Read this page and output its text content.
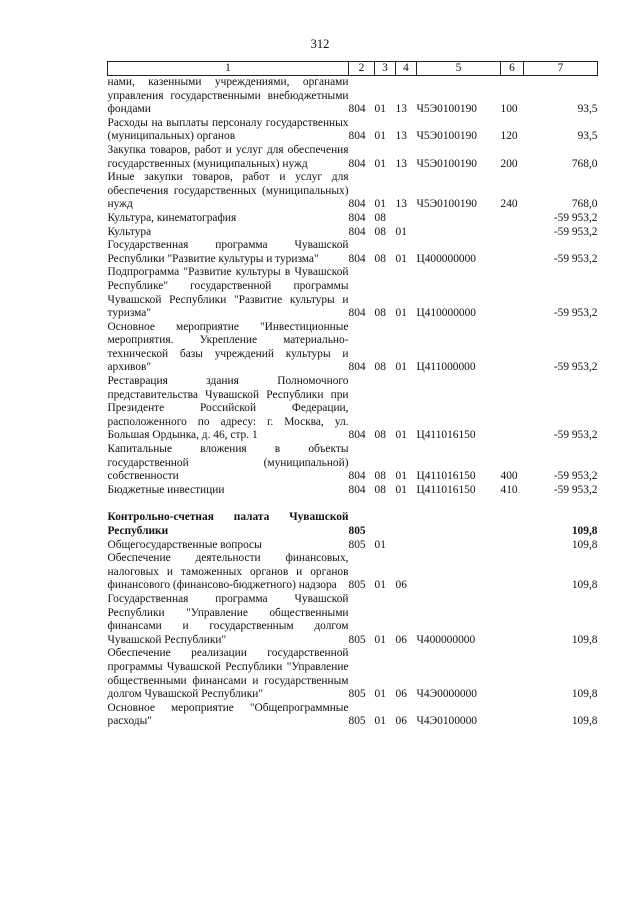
312
1	2	3	4	5	6	7
нами, казенными учреждениями, органами управления государственными внебюджетными фондами	804	01	13	Ч5Э0100190	100	93,5
Расходы на выплаты персоналу государственных (муниципальных) органов	804	01	13	Ч5Э0100190	120	93,5
Закупка товаров, работ и услуг для обеспечения государственных (муниципальных) нужд	804	01	13	Ч5Э0100190	200	768,0
Иные закупки товаров, работ и услуг для обеспечения государственных (муниципальных) нужд	804	01	13	Ч5Э0100190	240	768,0
Культура, кинематография	804	08				-59 953,2
Культура	804	08	01			-59 953,2
Государственная программа Чувашской Республики "Развитие культуры и туризма"	804	08	01	Ц400000000		-59 953,2
Подпрограмма "Развитие культуры в Чувашской Республике" государственной программы Чувашской Республики "Развитие культуры и туризма"	804	08	01	Ц410000000		-59 953,2
Основное мероприятие "Инвестиционные мероприятия. Укрепление материально-технической базы учреждений культуры и архивов"	804	08	01	Ц411000000		-59 953,2
Реставрация здания Полномочного представительства Чувашской Республики при Президенте Российской Федерации, расположенного по адресу: г. Москва, ул. Большая Ордынка, д. 46, стр. 1	804	08	01	Ц411016150		-59 953,2
Капитальные вложения в объекты государственной (муниципальной) собственности	804	08	01	Ц411016150	400	-59 953,2
Бюджетные инвестиции	804	08	01	Ц411016150	410	-59 953,2

Контрольно-счетная палата Чувашской Республики	805					109,8
Общегосударственные вопросы	805	01				109,8
Обеспечение деятельности финансовых, налоговых и таможенных органов и органов финансового (финансово-бюджетного) надзора	805	01	06			109,8
Государственная программа Чувашской Республики "Управление общественными финансами и государственным долгом Чувашской Республики"	805	01	06	Ч400000000		109,8
Обеспечение реализации государственной программы Чувашской Республики "Управление общественными финансами и государственным долгом Чувашской Республики"	805	01	06	Ч4Э0000000		109,8
Основное мероприятие "Общепрограммные расходы"	805	01	06	Ч4Э0100000		109,8
